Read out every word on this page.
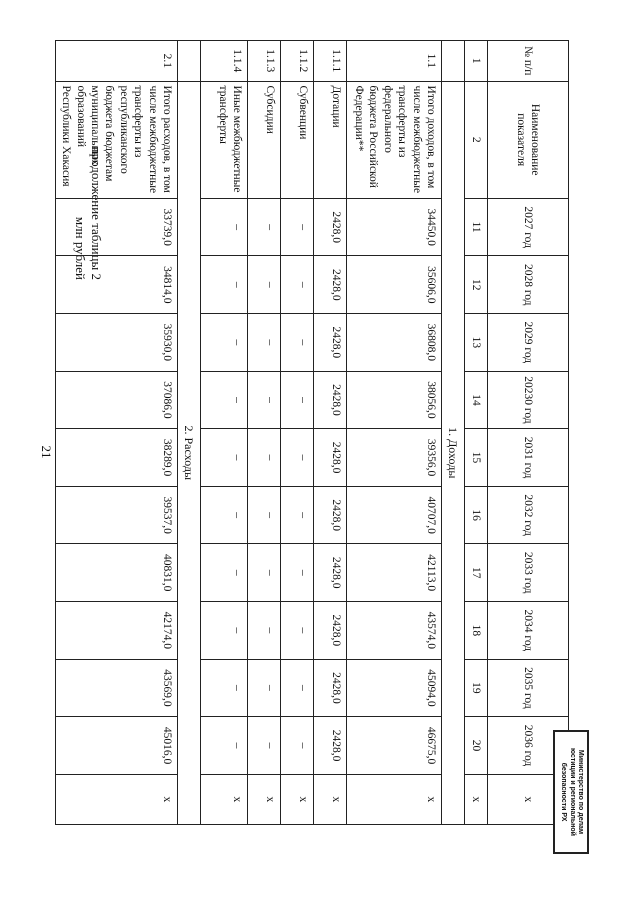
21
продолжение таблицы 2
млн рублей
№ п/п	Наименование показателя	2027 год	2028 год	2029 год	20230 год	2031 год	2032 год	2033 год	2034 год	2035 год	2036 год	х
1	2	11	12	13	14	15	16	17	18	19	20	х
	1. Доходы											
1.1	Итого доходов, в том числе межбюджетные трансферты из федерального бюджета Российской Федерации**	34450,0	35606,0	36808,0	38056,0	39356,0	40707,0	42113,0	43574,0	45094,0	46675,0	х
1.1.1	Дотации	2428,0	2428,0	2428,0	2428,0	2428,0	2428,0	2428,0	2428,0	2428,0	2428,0	х
1.1.2	Субвенции	–	–	–	–	–	–	–	–	–	–	х
1.1.3	Субсидии	–	–	–	–	–	–	–	–	–	–	х
1.1.4	Иные межбюджетные трансферты	–	–	–	–	–	–	–	–	–	–	х
	2. Расходы											
2.1	Итого расходов, в том числе межбюджетные трансферты из республиканского бюджета бюджетам муниципальных образований Республики Хакасия	33739,0	34814,0	35930,0	37086,0	38289,0	39537,0	40831,0	42174,0	43569,0	45016,0	х	Министерство по делам
юстиции и региональной
безопасности РХ
